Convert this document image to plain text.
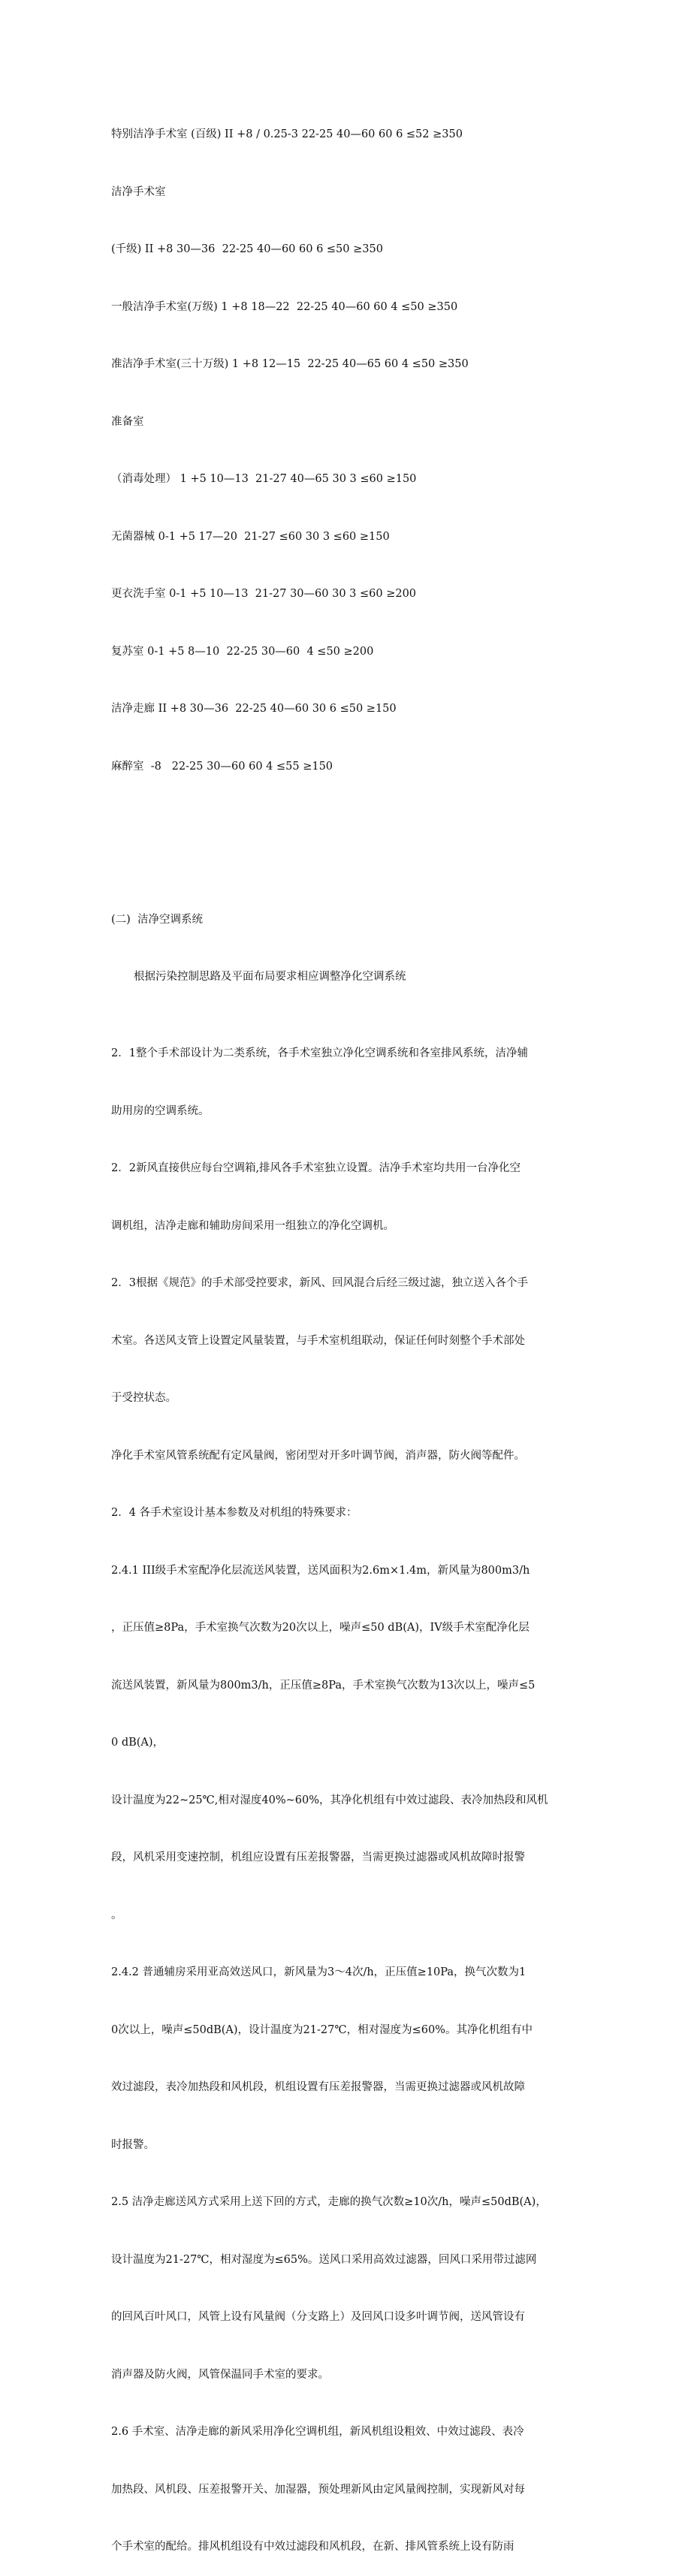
特别洁净手术室 (百级) II +8 / 0.25-3 22-25 40—60 60 6 ≤52 ≥350

洁净手术室

(千级) II +8 30—36  22-25 40—60 60 6 ≤50 ≥350

一般洁净手术室(万级) 1 +8 18—22  22-25 40—60 60 4 ≤50 ≥350

准洁净手术室(三十万级) 1 +8 12—15  22-25 40—65 60 4 ≤50 ≥350

准备室

（消毒处理） 1 +5 10—13  21-27 40—65 30 3 ≤60 ≥150

无菌器械 0-1 +5 17—20  21-27 ≤60 30 3 ≤60 ≥150

更衣洗手室 0-1 +5 10—13  21-27 30—60 30 3 ≤60 ≥200

复苏室 0-1 +5 8—10  22-25 30—60  4 ≤50 ≥200

洁净走廊 II +8 30—36  22-25 40—60 30 6 ≤50 ≥150

麻醉室  -8   22-25 30—60 60 4 ≤55 ≥150

(二)  洁净空调系统

根据污染控制思路及平面布局要求相应调整净化空调系统

2．1整个手术部设计为二类系统，各手术室独立净化空调系统和各室排风系统，洁净辅

助用房的空调系统。

2．2新风直接供应每台空调箱,排风各手术室独立设置。洁净手术室均共用一台净化空

调机组，洁净走廊和辅助房间采用一组独立的净化空调机。

2．3根据《规范》的手术部受控要求，新风、回风混合后经三级过滤，独立送入各个手

术室。各送风支管上设置定风量装置，与手术室机组联动，保证任何时刻整个手术部处

于受控状态。

净化手术室风管系统配有定风量阀，密闭型对开多叶调节阀，消声器，防火阀等配件。

2．4 各手术室设计基本参数及对机组的特殊要求：

2.4.1 III级手术室配净化层流送风装置，送风面积为2.6m×1.4m，新风量为800m3/h

，正压值≥8Pa，手术室换气次数为20次以上，噪声≤50 dB(A)，IV级手术室配净化层

流送风装置，新风量为800m3/h，正压值≥8Pa，手术室换气次数为13次以上，噪声≤5

0 dB(A)，

设计温度为22~25℃,相对湿度40%~60%，其净化机组有中效过滤段、表冷加热段和风机

段，风机采用变速控制，机组应设置有压差报警器，当需更换过滤器或风机故障时报警

。

2.4.2 普通辅房采用亚高效送风口，新风量为3～4次/h，正压值≥10Pa，换气次数为1

0次以上，噪声≤50dB(A)，设计温度为21-27℃，相对湿度为≤60%。其净化机组有中

效过滤段，表冷加热段和风机段，机组设置有压差报警器，当需更换过滤器或风机故障

时报警。

2.5 洁净走廊送风方式采用上送下回的方式，走廊的换气次数≥10次/h，噪声≤50dB(A)，

设计温度为21-27℃，相对湿度为≤65%。送风口采用高效过滤器，回风口采用带过滤网

的回风百叶风口，风管上设有风量阀（分支路上）及回风口设多叶调节阀，送风管设有

消声器及防火阀，风管保温同手术室的要求。

2.6 手术室、洁净走廊的新风采用净化空调机组，新风机组设粗效、中效过滤段、表冷

加热段、风机段、压差报警开关、加湿器，预处理新风由定风量阀控制，实现新风对每

个手术室的配给。排风机组设有中效过滤段和风机段，在新、排风管系统上设有防雨
